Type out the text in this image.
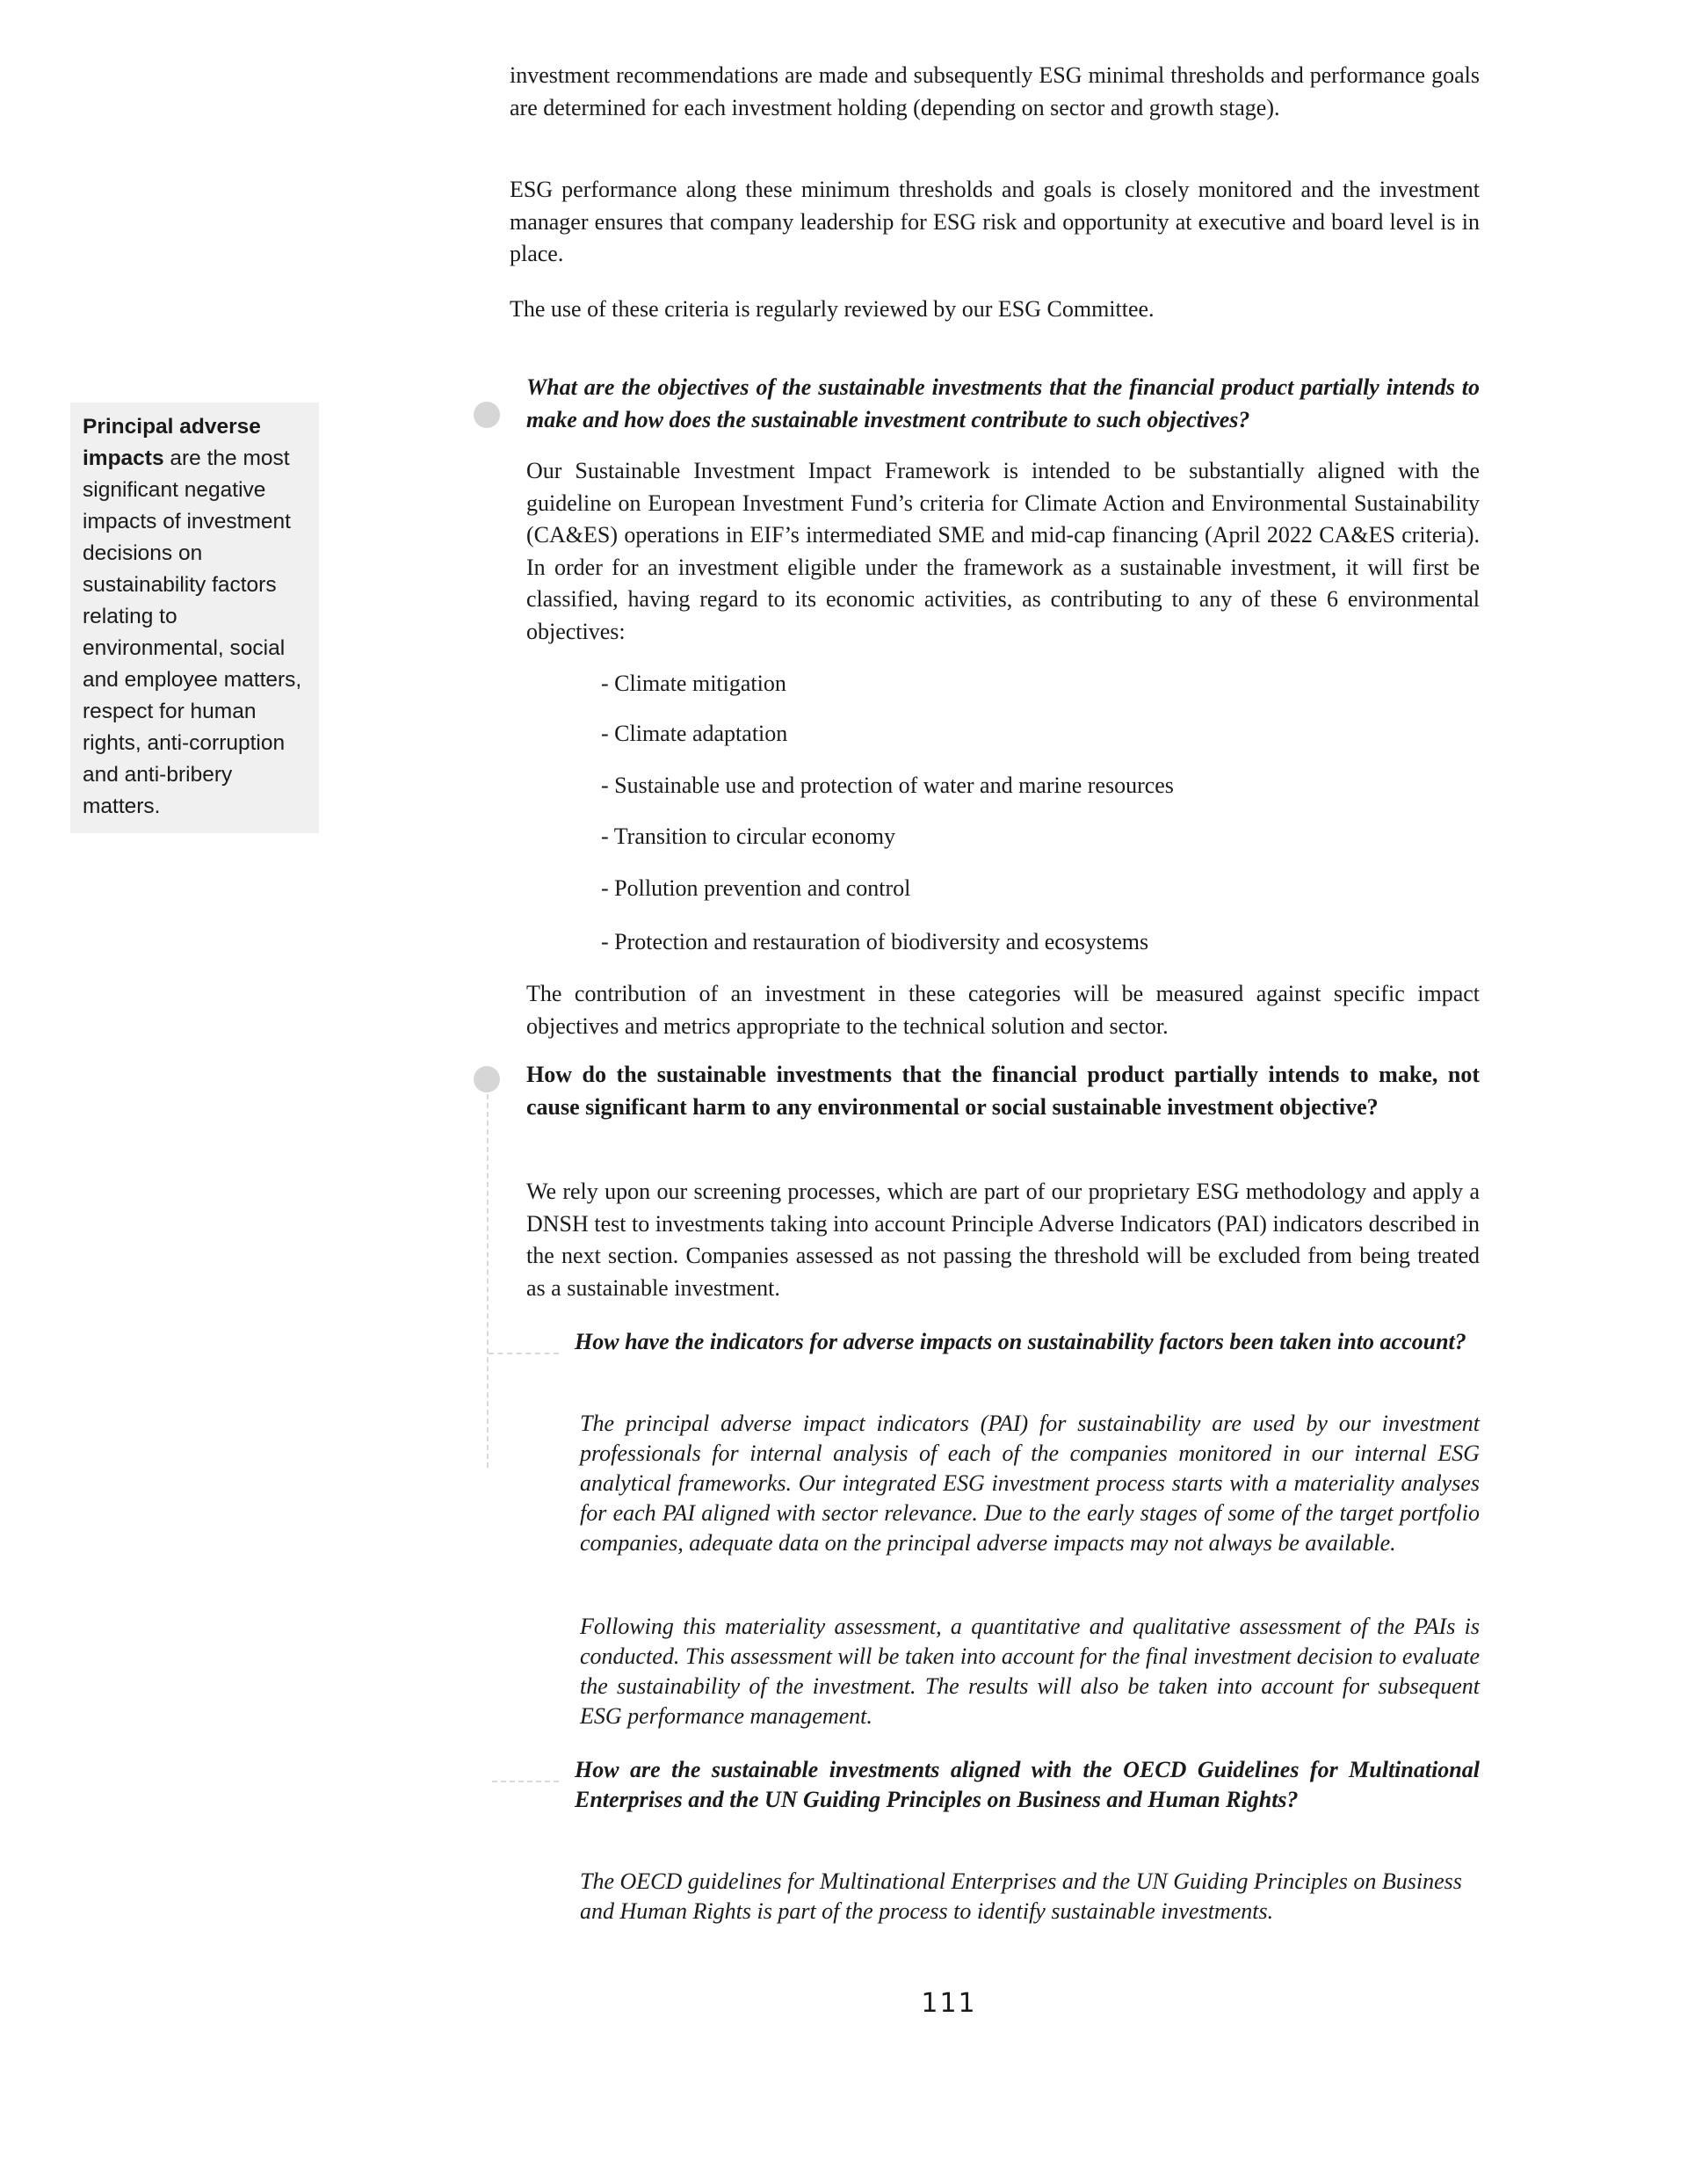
investment recommendations are made and subsequently ESG minimal thresholds and performance goals are determined for each investment holding (depending on sector and growth stage).

ESG performance along these minimum thresholds and goals is closely monitored and the investment manager ensures that company leadership for ESG risk and opportunity at executive and board level is in place.

The use of these criteria is regularly reviewed by our ESG Committee.

Principal adverse impacts are the most significant negative impacts of investment decisions on sustainability factors relating to environmental, social and employee matters, respect for human rights, anti-corruption and anti-bribery matters.

What are the objectives of the sustainable investments that the financial product partially intends to make and how does the sustainable investment contribute to such objectives?

Our Sustainable Investment Impact Framework is intended to be substantially aligned with the guideline on European Investment Fund’s criteria for Climate Action and Environmental Sustainability (CA&ES) operations in EIF’s intermediated SME and mid-cap financing (April 2022 CA&ES criteria). In order for an investment eligible under the framework as a sustainable investment, it will first be classified, having regard to its economic activities, as contributing to any of these 6 environmental objectives:

- Climate mitigation

- Climate adaptation

- Sustainable use and protection of water and marine resources

- Transition to circular economy

- Pollution prevention and control

- Protection and restauration of biodiversity and ecosystems

The contribution of an investment in these categories will be measured against specific impact objectives and metrics appropriate to the technical solution and sector.

How do the sustainable investments that the financial product partially intends to make, not cause significant harm to any environmental or social sustainable investment objective?

We rely upon our screening processes, which are part of our proprietary ESG methodology and apply a DNSH test to investments taking into account Principle Adverse Indicators (PAI) indicators described in the next section. Companies assessed as not passing the threshold will be excluded from being treated as a sustainable investment.

How have the indicators for adverse impacts on sustainability factors been taken into account?

The principal adverse impact indicators (PAI) for sustainability are used by our investment professionals for internal analysis of each of the companies monitored in our internal ESG analytical frameworks. Our integrated ESG investment process starts with a materiality analyses for each PAI aligned with sector relevance. Due to the early stages of some of the target portfolio companies, adequate data on the principal adverse impacts may not always be available.

Following this materiality assessment, a quantitative and qualitative assessment of the PAIs is conducted. This assessment will be taken into account for the final investment decision to evaluate the sustainability of the investment. The results will also be taken into account for subsequent ESG performance management.

How are the sustainable investments aligned with the OECD Guidelines for Multinational Enterprises and the UN Guiding Principles on Business and Human Rights?

The OECD guidelines for Multinational Enterprises and the UN Guiding Principles on Business and Human Rights is part of the process to identify sustainable investments.

111
